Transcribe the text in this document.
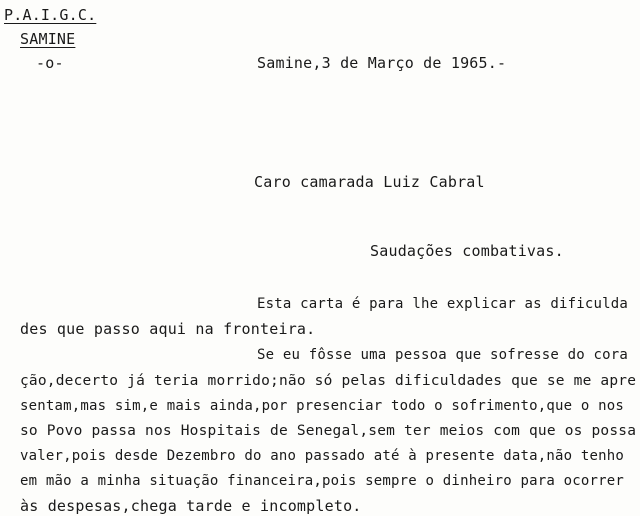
P.A.I.G.C.
SAMINE
-o-	Samine,3 de Março de 1965.-
Caro camarada Luiz Cabral
Saudações combativas.
Esta carta é para lhe explicar as dificulda
des que passo aqui na fronteira.
Se eu fôsse uma pessoa que sofresse do cora
ção,decerto já teria morrido;não só pelas dificuldades que se me apre
sentam,mas sim,e mais ainda,por presenciar todo o sofrimento,que o nos
so Povo passa nos Hospitais de Senegal,sem ter meios com que os possa
valer,pois desde Dezembro do ano passado até à presente data,não tenho
em mão a minha situação financeira,pois sempre o dinheiro para ocorrer
às despesas,chega tarde e incompleto.
